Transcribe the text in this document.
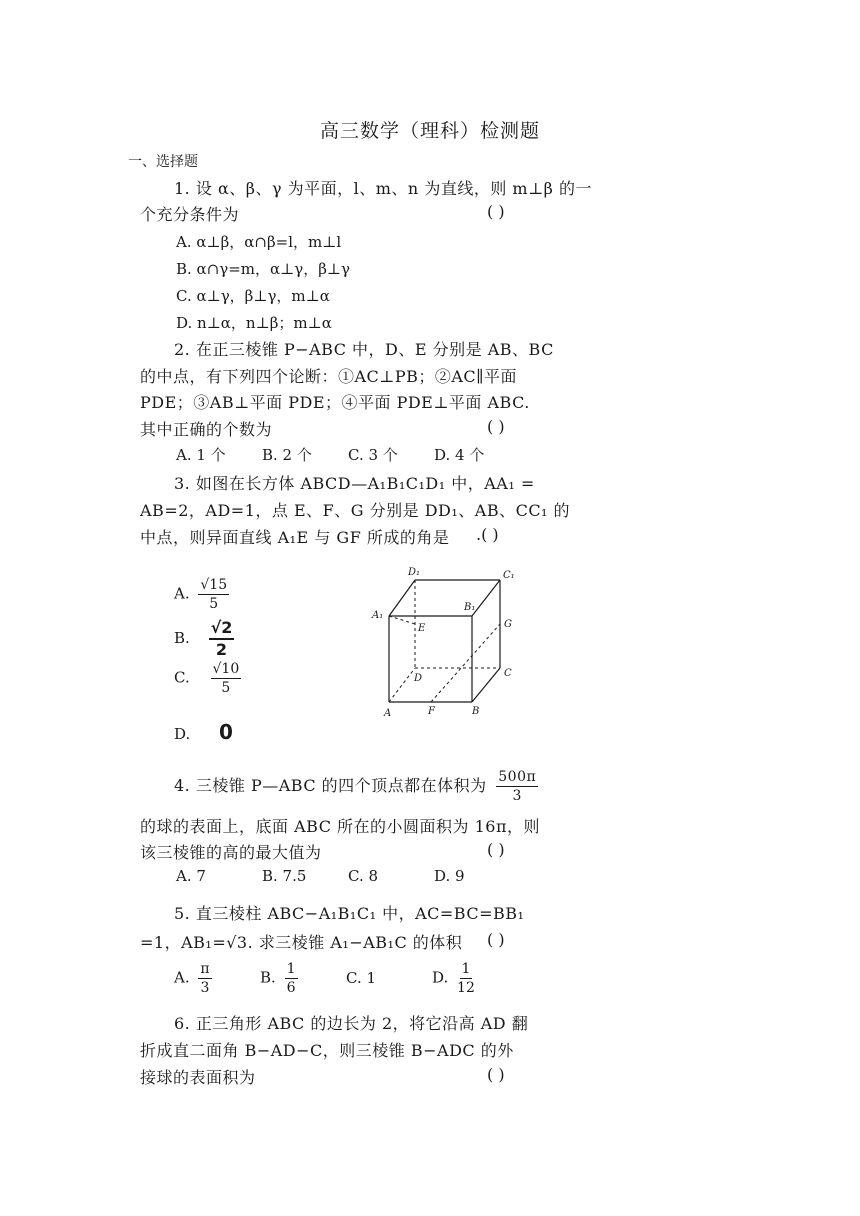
高三数学（理科）检测题
一、选择题
1. 设 α、β、γ 为平面，l、m、n 为直线，则 m⊥β 的一
个充分条件为	( )
A. α⊥β，α∩β=l，m⊥l
B. α∩γ=m，α⊥γ，β⊥γ
C. α⊥γ，β⊥γ，m⊥α
D. n⊥α，n⊥β；m⊥α
2. 在正三棱锥 P−ABC 中，D、E 分别是 AB、BC
的中点，有下列四个论断：①AC⊥PB；②AC∥平面
PDE；③AB⊥平面 PDE；④平面 PDE⊥平面 ABC.
其中正确的个数为	( )
A. 1 个 B. 2 个 C. 3 个 D. 4 个
3. 如图在长方体 ABCD—A₁B₁C₁D₁ 中，AA₁ =
AB=2，AD=1，点 E、F、G 分别是 DD₁、AB、CC₁ 的
中点，则异面直线 A₁E 与 GF 所成的角是 .( )
A. $\frac{√15}{5}$
B. $\frac{√2}{2}$
C. $\frac{√10}{5}$
D. 0
D₁	C₁
A₁
B₁
E	G
D	C
A	F	B
4. 三棱锥 P—ABC 的四个顶点都在体积为 $\frac{500\pi}{3}$
的球的表面上，底面 ABC 所在的小圆面积为 16π，则
该三棱锥的高的最大值为	( )
A. 7	B. 7.5	C. 8	D. 9
5. 直三棱柱 ABC−A₁B₁C₁ 中，AC=BC=BB₁
=1，AB₁=√3. 求三棱锥 A₁−AB₁C 的体积 ( )
A. $\frac{\pi}{3}$	B. $\frac{1}{6}$	C. 1	D. $\frac{1}{12}$
6. 正三角形 ABC 的边长为 2，将它沿高 AD 翻
折成直二面角 B−AD−C，则三棱锥 B−ADC 的外
接球的表面积为	( )
